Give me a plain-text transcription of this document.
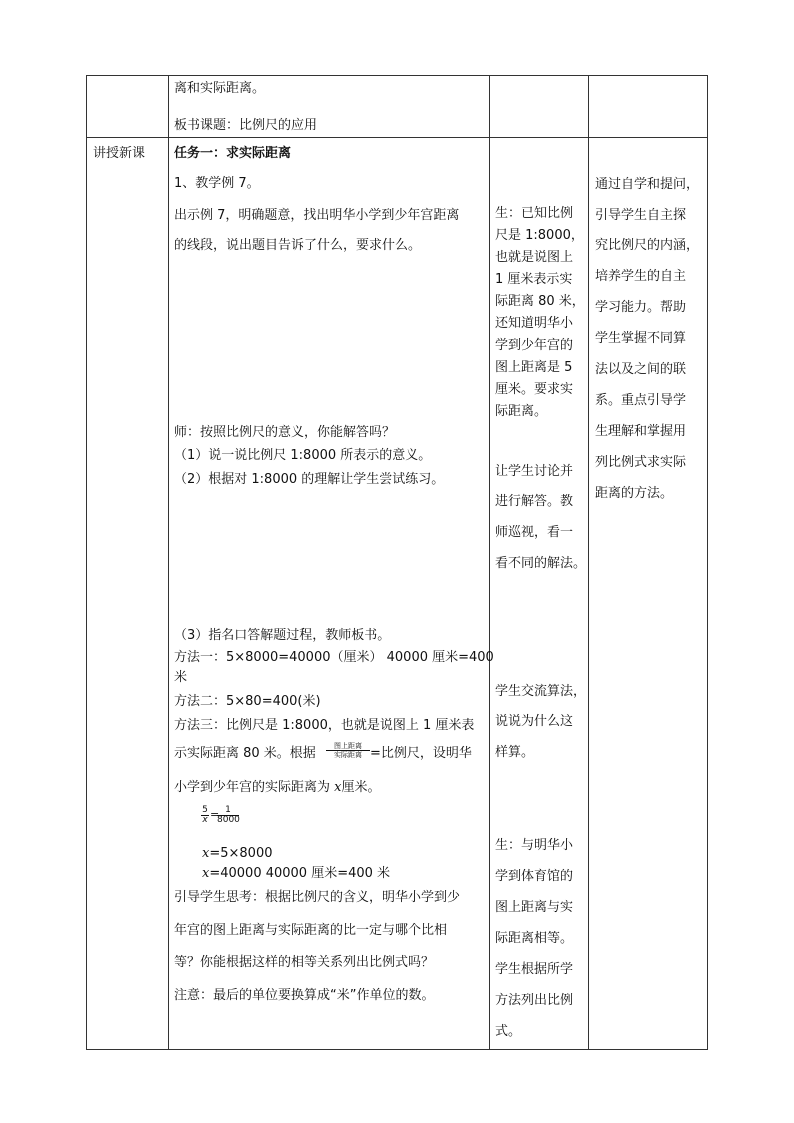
离和实际距离。
板书课题：比例尺的应用
讲授新课 任务一：求实际距离
1、教学例 7。
出示例 7，明确题意，找出明华小学到少年宫距离
的线段，说出题目告诉了什么，要求什么。
师：按照比例尺的意义，你能解答吗？
（1）说一说比例尺 1:8000 所表示的意义。
（2）根据对 1:8000 的理解让学生尝试练习。
（3）指名口答解题过程，教师板书。
方法一：5×8000=40000（厘米） 40000 厘米=400
米
方法二：5×80=400(米)
方法三：比例尺是 1:8000，也就是说图上 1 厘米表
示实际距离 80 米。根据	图上距离
实际距离 =比例尺，设明华
小学到少年宫的实际距离为 x厘米。
$\frac{5}{x}$ =
$\frac{1}{8000}$
x=5×8000
x=40000 40000 厘米=400 米
引导学生思考：根据比例尺的含义，明华小学到少
年宫的图上距离与实际距离的比一定与哪个比相
等？你能根据这样的相等关系列出比例式吗？
注意：最后的单位要换算成“米”作单位的数。
生：已知比例
尺是 1:8000，
也就是说图上
1 厘米表示实
际距离 80 米，
还知道明华小
学到少年宫的
图上距离是 5
厘米。要求实
际距离。
让学生讨论并
进行解答。教
师巡视，看一
看不同的解法。
学生交流算法，
说说为什么这
样算。
生：与明华小
学到体育馆的
图上距离与实
际距离相等。
学生根据所学
方法列出比例
式。
通过自学和提问，
引导学生自主探
究比例尺的内涵，
培养学生的自主
学习能力。帮助
学生掌握不同算
法以及之间的联
系。重点引导学
生理解和掌握用
列比例式求实际
距离的方法。
